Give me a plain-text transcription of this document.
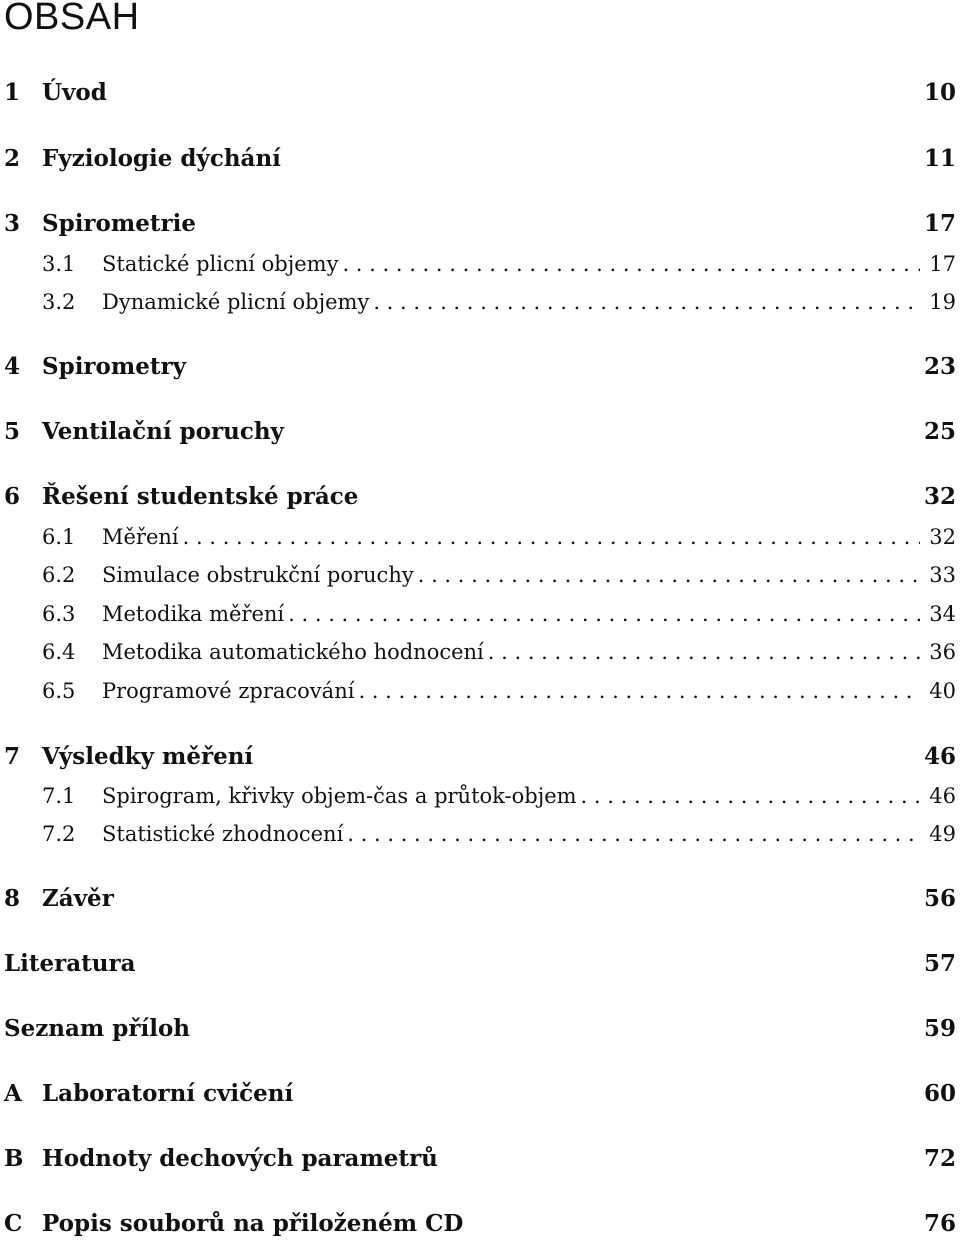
OBSAH
1 Úvod	10
2 Fyziologie dýchání	11
3 Spirometrie	17
3.1	Statické plicní objemy . . .	17
3.2	Dynamické plicní objemy . . .	19
4 Spirometry	23
5 Ventilační poruchy	25
6 Řešení studentské práce	32
6.1	Měření . . .	32
6.2	Simulace obstrukční poruchy . . .	33
6.3	Metodika měření . . .	34
6.4	Metodika automatického hodnocení . . .	36
6.5	Programové zpracování . . .	40
7 Výsledky měření	46
7.1	Spirogram, křivky objem-čas a průtok-objem . . .	46
7.2	Statistické zhodnocení . . .	49
8 Závěr	56
Literatura	57
Seznam příloh	59
A Laboratorní cvičení	60
B Hodnoty dechových parametrů	72
C Popis souborů na přiloženém CD	76
